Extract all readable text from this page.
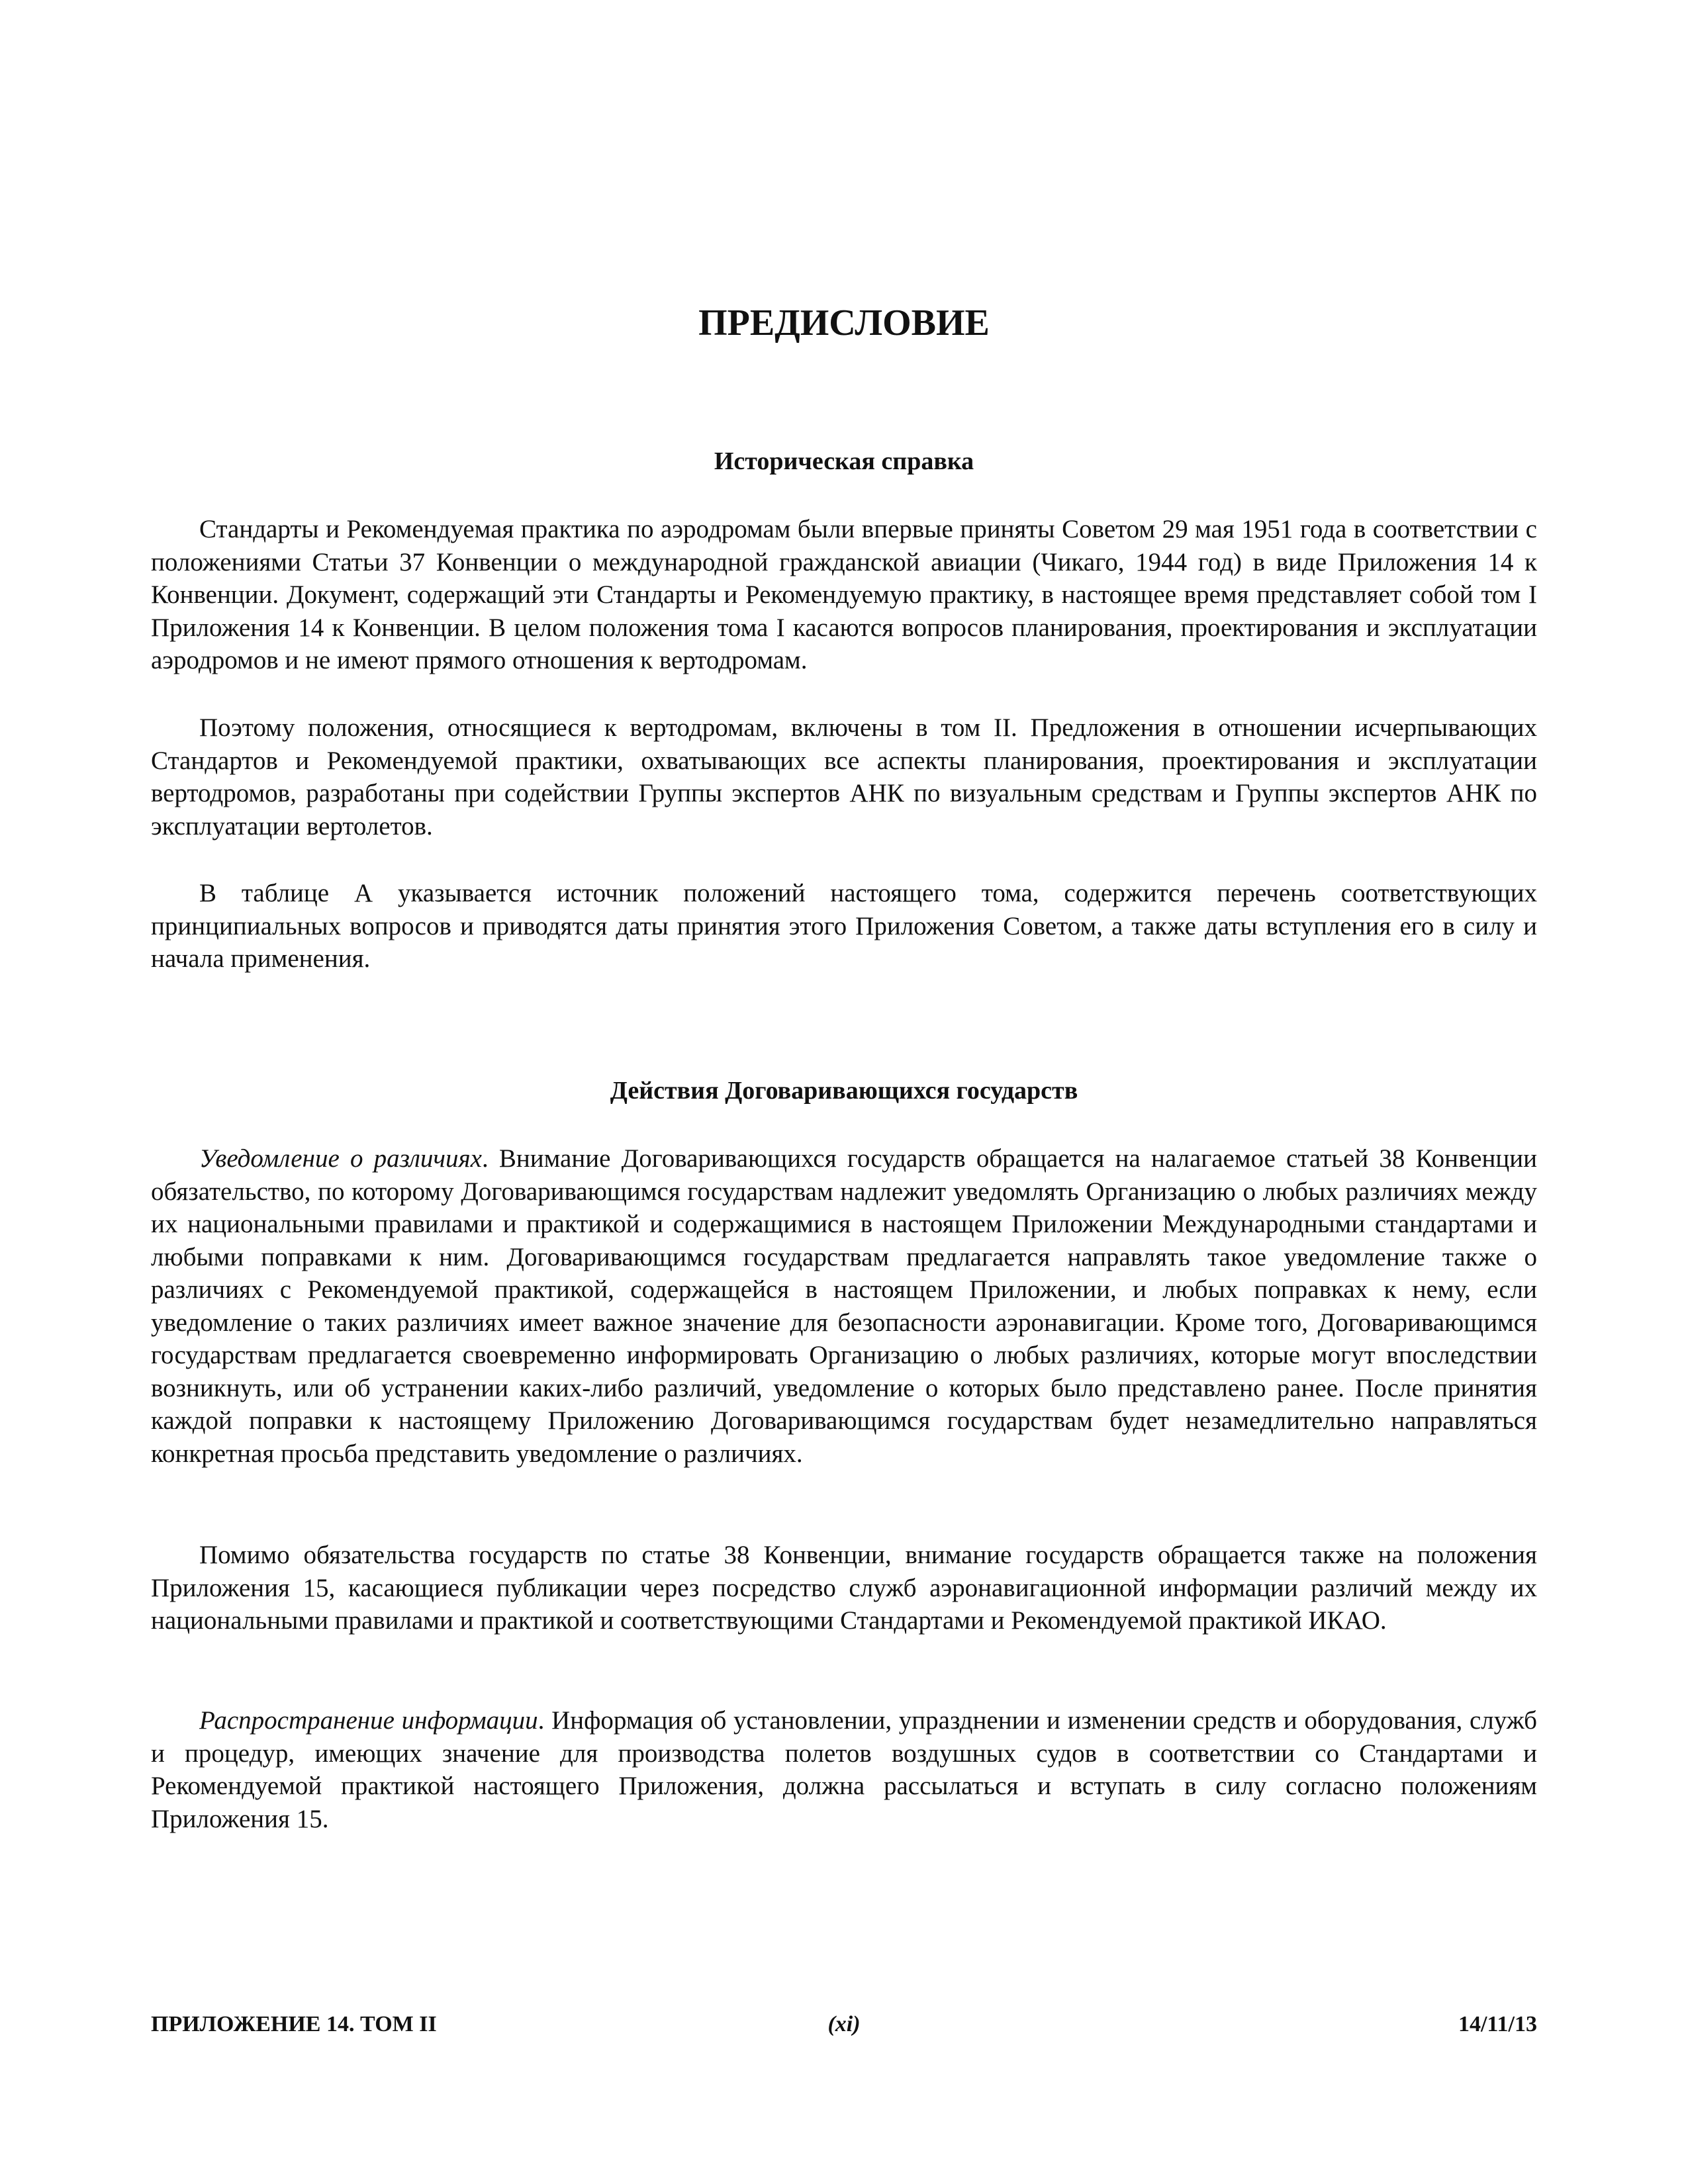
ПРЕДИСЛОВИЕ
Историческая справка

Стандарты и Рекомендуемая практика по аэродромам были впервые приняты Советом 29 мая 1951 года в соответствии с положениями Статьи 37 Конвенции о международной гражданской авиации (Чикаго, 1944 год) в виде Приложения 14 к Конвенции. Документ, содержащий эти Стандарты и Рекомендуемую практику, в настоящее время представляет собой том I Приложения 14 к Конвенции. В целом положения тома I касаются вопросов планирования, проектирования и эксплуатации аэродромов и не имеют прямого отношения к вертодромам.

Поэтому положения, относящиеся к вертодромам, включены в том II. Предложения в отношении исчерпывающих Стандартов и Рекомендуемой практики, охватывающих все аспекты планирования, проектирования и эксплуатации вертодромов, разработаны при содействии Группы экспертов АНК по визуальным средствам и Группы экспертов АНК по эксплуатации вертолетов.

В таблице А указывается источник положений настоящего тома, содержится перечень соответствующих принципиальных вопросов и приводятся даты принятия этого Приложения Советом, а также даты вступления его в силу и начала применения.

Действия Договаривающихся государств

Уведомление о различиях. Внимание Договаривающихся государств обращается на налагаемое статьей 38 Конвенции обязательство, по которому Договаривающимся государствам надлежит уведомлять Организацию о любых различиях между их национальными правилами и практикой и содержащимися в настоящем Приложении Международными стандартами и любыми поправками к ним. Договаривающимся государствам предлагается направлять такое уведомление также о различиях с Рекомендуемой практикой, содержащейся в настоящем Приложении, и любых поправках к нему, если уведомление о таких различиях имеет важное значение для безопасности аэронавигации. Кроме того, Договаривающимся государствам предлагается своевременно информировать Организацию о любых различиях, которые могут впоследствии возникнуть, или об устранении каких-либо различий, уведомление о которых было представлено ранее. После принятия каждой поправки к настоящему Приложению Договаривающимся государствам будет незамедлительно направляться конкретная просьба представить уведомление о различиях.

Помимо обязательства государств по статье 38 Конвенции, внимание государств обращается также на положения Приложения 15, касающиеся публикации через посредство служб аэронавигационной информации различий между их национальными правилами и практикой и соответствующими Стандартами и Рекомендуемой практикой ИКАО.

Распространение информации. Информация об установлении, упразднении и изменении средств и оборудования, служб и процедур, имеющих значение для производства полетов воздушных судов в соответствии со Стандартами и Рекомендуемой практикой настоящего Приложения, должна рассылаться и вступать в силу согласно положениям Приложения 15.

(xi)
ПРИЛОЖЕНИЕ 14. ТОМ II	14/11/13
